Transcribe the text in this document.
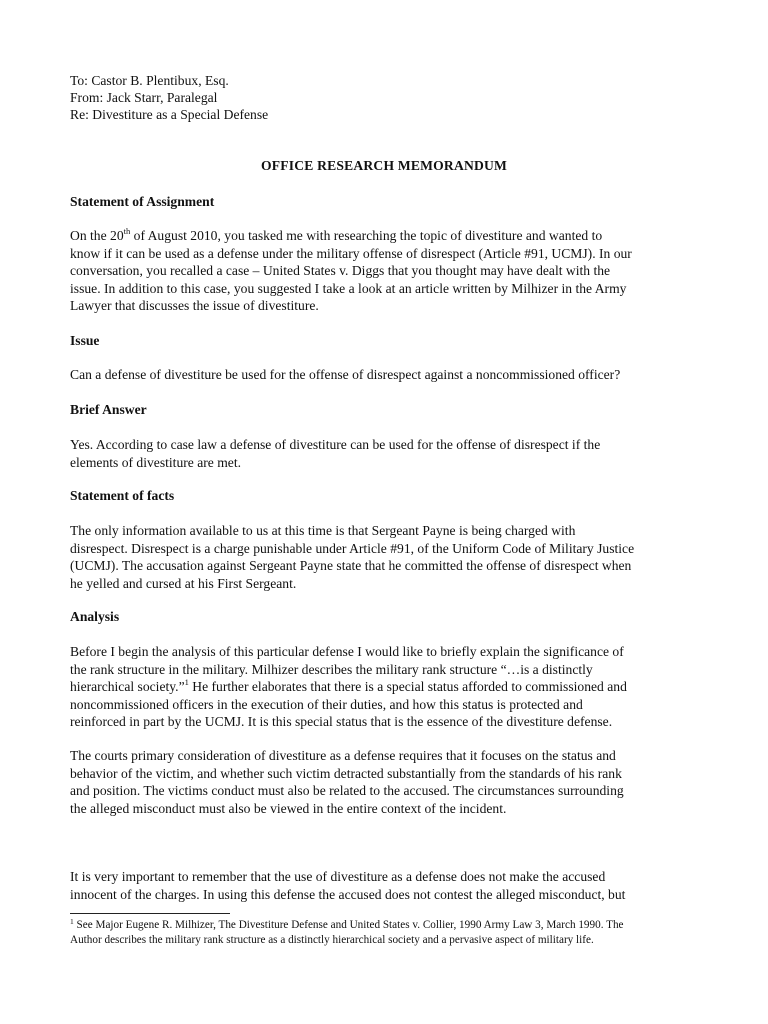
To: Castor B. Plentibux, Esq.
From: Jack Starr, Paralegal
Re: Divestiture as a Special Defense
OFFICE RESEARCH MEMORANDUM
Statement of Assignment
On the 20th of August 2010, you tasked me with researching the topic of divestiture and wanted to
know if it can be used as a defense under the military offense of disrespect (Article #91, UCMJ). In our
conversation, you recalled a case – United States v. Diggs that you thought may have dealt with the
issue. In addition to this case, you suggested I take a look at an article written by Milhizer in the Army
Lawyer that discusses the issue of divestiture.
Issue
Can a defense of divestiture be used for the offense of disrespect against a noncommissioned officer?
Brief Answer
Yes. According to case law a defense of divestiture can be used for the offense of disrespect if the
elements of divestiture are met.
Statement of facts
The only information available to us at this time is that Sergeant Payne is being charged with
disrespect. Disrespect is a charge punishable under Article #91, of the Uniform Code of Military Justice
(UCMJ). The accusation against Sergeant Payne state that he committed the offense of disrespect when
he yelled and cursed at his First Sergeant.
Analysis
Before I begin the analysis of this particular defense I would like to briefly explain the significance of
the rank structure in the military. Milhizer describes the military rank structure “…is a distinctly
hierarchical society.”$^1$ He further elaborates that there is a special status afforded to commissioned and
noncommissioned officers in the execution of their duties, and how this status is protected and
reinforced in part by the UCMJ. It is this special status that is the essence of the divestiture defense.
The courts primary consideration of divestiture as a defense requires that it focuses on the status and
behavior of the victim, and whether such victim detracted substantially from the standards of his rank
and position. The victims conduct must also be related to the accused. The circumstances surrounding
the alleged misconduct must also be viewed in the entire context of the incident.
It is very important to remember that the use of divestiture as a defense does not make the accused
innocent of the charges. In using this defense the accused does not contest the alleged misconduct, but
$^1$ See Major Eugene R. Milhizer, The Divestiture Defense and United States v. Collier, 1990 Army Law 3, March 1990. The
Author describes the military rank structure as a distinctly hierarchical society and a pervasive aspect of military life.
